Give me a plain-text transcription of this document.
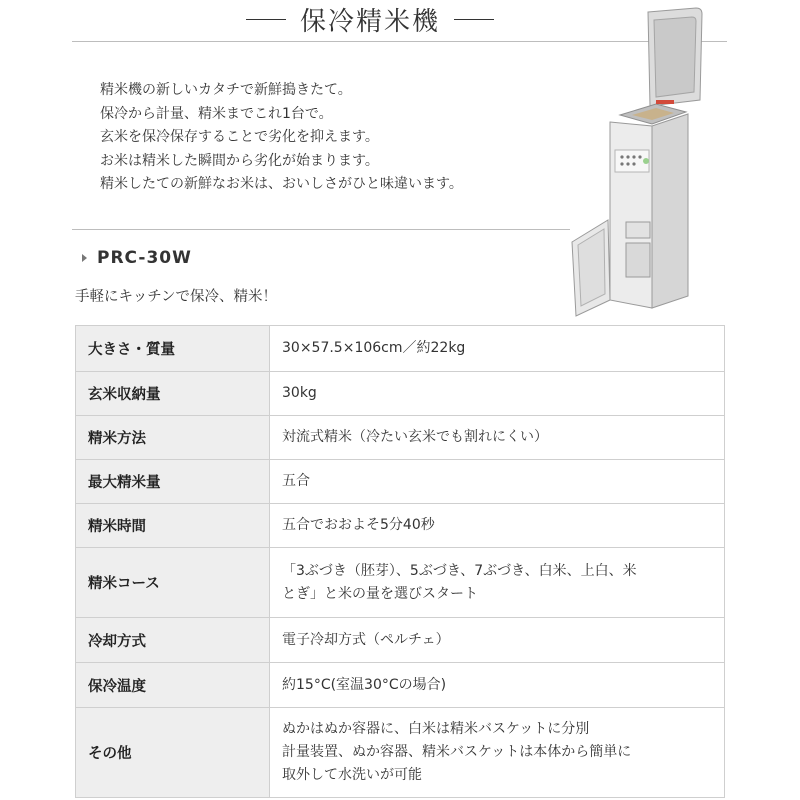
保冷精米機
精米機の新しいカタチで新鮮搗きたて。
保冷から計量、精米までこれ1台で。
玄米を保冷保存することで劣化を抑えます。
お米は精米した瞬間から劣化が始まります。
精米したての新鮮なお米は、おいしさがひと味違います。
PRC-30W
手軽にキッチンで保冷、精米！
大きさ・質量	30×57.5×106cm／約22kg

玄米収納量	30kg

精米方法	対流式精米（冷たい玄米でも割れにくい）

最大精米量	五合

精米時間	五合でおおよそ5分40秒

精米コース	「3ぶづき（胚芽）、5ぶづき、7ぶづき、白米、上白、米
とぎ」と米の量を選びスタート

冷却方式	電子冷却方式（ペルチェ）

保冷温度	約15°C(室温30°Cの場合)

その他	ぬかはぬか容器に、白米は精米バスケットに分別
計量装置、ぬか容器、精米バスケットは本体から簡単に
取外して水洗いが可能
